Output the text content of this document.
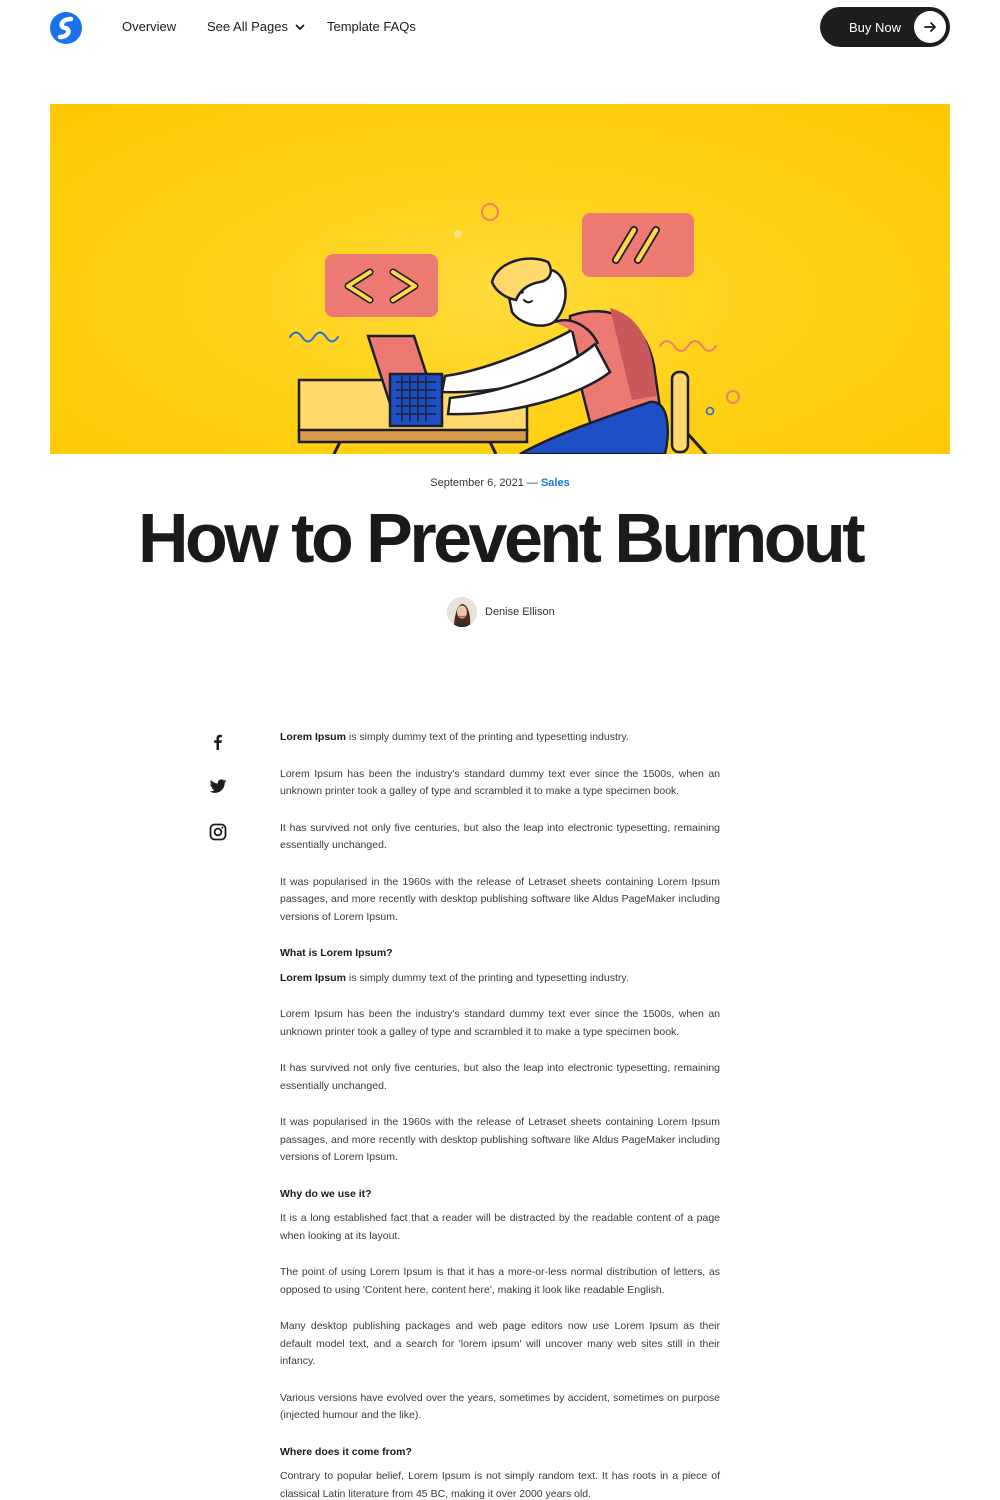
Overview See All Pages	Template FAQs	Buy Now
September 6, 2021 — Sales
How to Prevent Burnout
Denise Ellison

Lorem Ipsum is simply dummy text of the printing and typesetting industry.

Lorem Ipsum has been the industry's standard dummy text ever since the 1500s, when an unknown printer took a galley of type and scrambled it to make a type specimen book.

It has survived not only five centuries, but also the leap into electronic typesetting, remaining essentially unchanged.

It was popularised in the 1960s with the release of Letraset sheets containing Lorem Ipsum passages, and more recently with desktop publishing software like Aldus PageMaker including versions of Lorem Ipsum.

What is Lorem Ipsum?

Lorem Ipsum is simply dummy text of the printing and typesetting industry.

Lorem Ipsum has been the industry's standard dummy text ever since the 1500s, when an unknown printer took a galley of type and scrambled it to make a type specimen book.

It has survived not only five centuries, but also the leap into electronic typesetting, remaining essentially unchanged.

It was popularised in the 1960s with the release of Letraset sheets containing Lorem Ipsum passages, and more recently with desktop publishing software like Aldus PageMaker including versions of Lorem Ipsum.

Why do we use it?

It is a long established fact that a reader will be distracted by the readable content of a page when looking at its layout.

The point of using Lorem Ipsum is that it has a more-or-less normal distribution of letters, as opposed to using 'Content here, content here', making it look like readable English.

Many desktop publishing packages and web page editors now use Lorem Ipsum as their default model text, and a search for 'lorem ipsum' will uncover many web sites still in their infancy.

Various versions have evolved over the years, sometimes by accident, sometimes on purpose (injected humour and the like).

Where does it come from?

Contrary to popular belief, Lorem Ipsum is not simply random text. It has roots in a piece of classical Latin literature from 45 BC, making it over 2000 years old.
